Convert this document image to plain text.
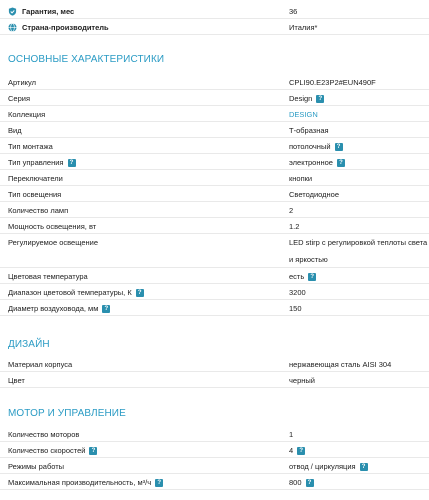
Гарантия, мес	36
Страна-производитель	Италия*
ОСНОВНЫЕ ХАРАКТЕРИСТИКИ
Артикул	CPLI90.E23P2#EUN490F
Серия	Design	?
Коллекция	DESIGN
Вид	Т-образная
Тип монтажа	потолочный	?
Тип управления	?	электронное	?
Переключатели	кнопки
Тип освещения	Светодиодное
Количество ламп	2
Мощность освещения, вт	1.2
Регулируемое освещение	LED stirp с регулировкой теплоты света
и яркостью
Цветовая температура	есть	?
Диапазон цветовой температуры, К	?	3200
Диаметр воздуховода, мм	?	150
ДИЗАЙН
Материал корпуса	нержавеющая сталь AISI 304
Цвет	черный
МОТОР И УПРАВЛЕНИЕ
Количество моторов	1
Количество скоростей	?	4	?
Режимы работы	отвод / циркуляция	?
Максимальная производительность, м³/ч	?	800	?
